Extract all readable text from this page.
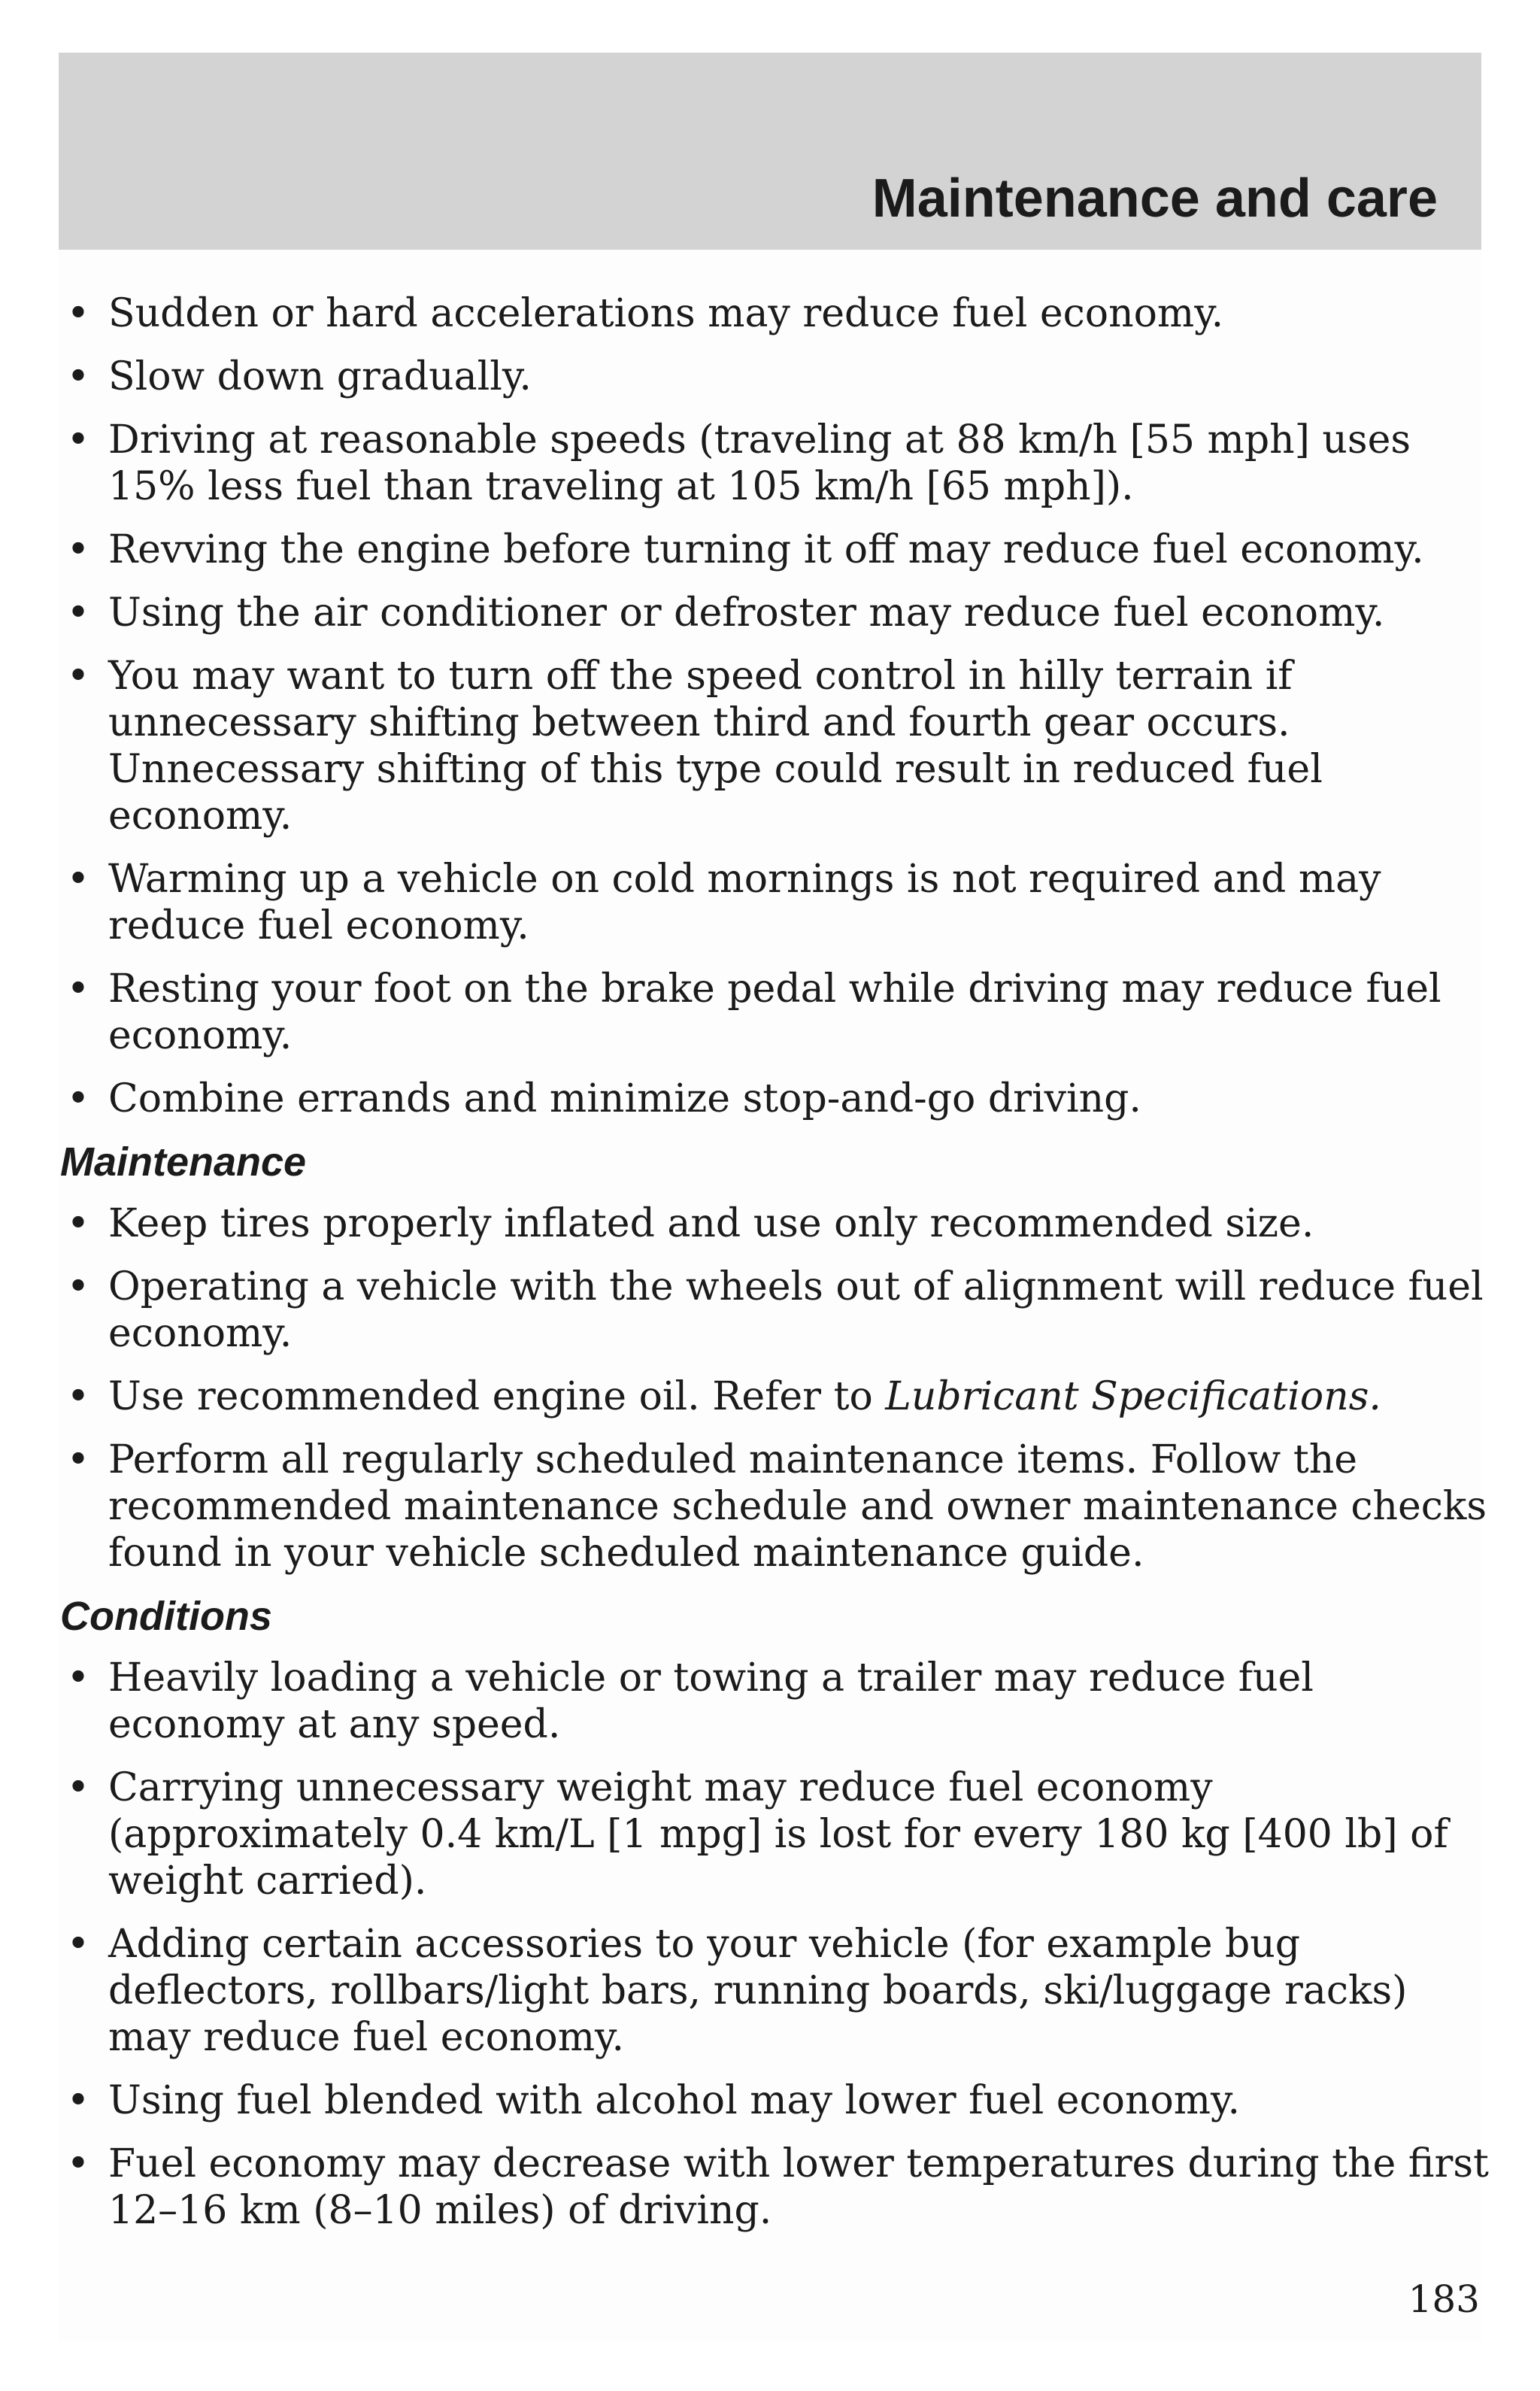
Maintenance and care
• Sudden or hard accelerations may reduce fuel economy.
• Slow down gradually.
• Driving at reasonable speeds (traveling at 88 km/h [55 mph] uses 15% less fuel than traveling at 105 km/h [65 mph]).
• Revving the engine before turning it off may reduce fuel economy.
• Using the air conditioner or defroster may reduce fuel economy.
• You may want to turn off the speed control in hilly terrain if unnecessary shifting between third and fourth gear occurs. Unnecessary shifting of this type could result in reduced fuel economy.
• Warming up a vehicle on cold mornings is not required and may reduce fuel economy.
• Resting your foot on the brake pedal while driving may reduce fuel economy.
• Combine errands and minimize stop-and-go driving.
Maintenance
• Keep tires properly inflated and use only recommended size.
• Operating a vehicle with the wheels out of alignment will reduce fuel economy.
• Use recommended engine oil. Refer to Lubricant Specifications.
• Perform all regularly scheduled maintenance items. Follow the recommended maintenance schedule and owner maintenance checks found in your vehicle scheduled maintenance guide.
Conditions
• Heavily loading a vehicle or towing a trailer may reduce fuel economy at any speed.
• Carrying unnecessary weight may reduce fuel economy (approximately 0.4 km/L [1 mpg] is lost for every 180 kg [400 lb] of weight carried).
• Adding certain accessories to your vehicle (for example bug deflectors, rollbars/light bars, running boards, ski/luggage racks) may reduce fuel economy.
• Using fuel blended with alcohol may lower fuel economy.
• Fuel economy may decrease with lower temperatures during the first 12–16 km (8–10 miles) of driving.
183
